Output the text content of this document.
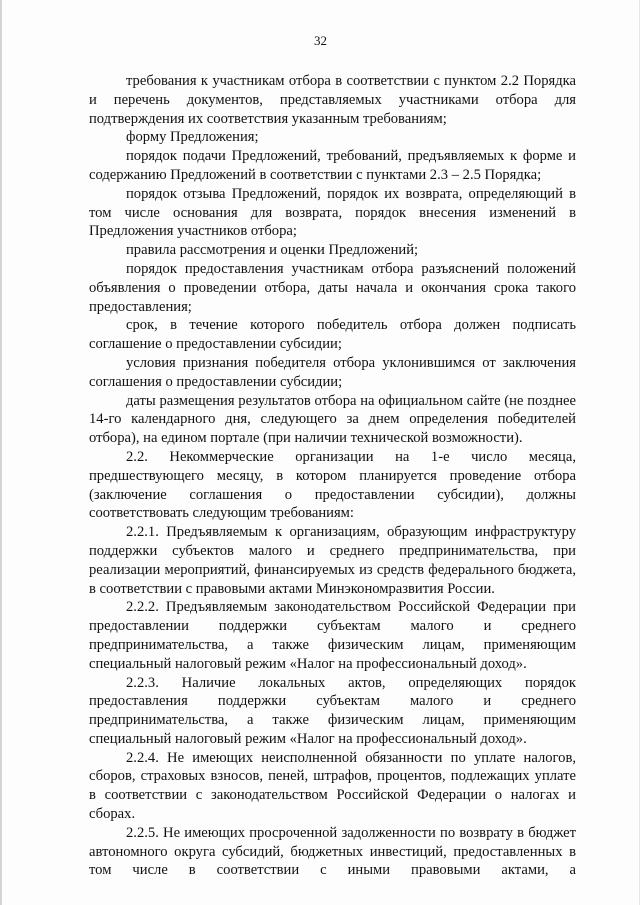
32

требования к участникам отбора в соответствии с пунктом 2.2 Порядка и перечень документов, представляемых участниками отбора для подтверждения их соответствия указанным требованиям;

форму Предложения;

порядок подачи Предложений, требований, предъявляемых к форме и содержанию Предложений в соответствии с пунктами 2.3 – 2.5 Порядка;

порядок отзыва Предложений, порядок их возврата, определяющий в том числе основания для возврата, порядок внесения изменений в Предложения участников отбора;

правила рассмотрения и оценки Предложений;

порядок предоставления участникам отбора разъяснений положений объявления о проведении отбора, даты начала и окончания срока такого предоставления;

срок, в течение которого победитель отбора должен подписать соглашение о предоставлении субсидии;

условия признания победителя отбора уклонившимся от заключения соглашения о предоставлении субсидии;

даты размещения результатов отбора на официальном сайте (не позднее 14-го календарного дня, следующего за днем определения победителей отбора), на едином портале (при наличии технической возможности).

2.2. Некоммерческие организации на 1-е число месяца, предшествующего месяцу, в котором планируется проведение отбора (заключение соглашения о предоставлении субсидии), должны соответствовать следующим требованиям:

2.2.1. Предъявляемым к организациям, образующим инфраструктуру поддержки субъектов малого и среднего предпринимательства, при реализации мероприятий, финансируемых из средств федерального бюджета, в соответствии с правовыми актами Минэкономразвития России.

2.2.2. Предъявляемым законодательством Российской Федерации при предоставлении поддержки субъектам малого и среднего предпринимательства, а также физическим лицам, применяющим специальный налоговый режим «Налог на профессиональный доход».

2.2.3. Наличие локальных актов, определяющих порядок предоставления поддержки субъектам малого и среднего предпринимательства, а также физическим лицам, применяющим специальный налоговый режим «Налог на профессиональный доход».

2.2.4. Не имеющих неисполненной обязанности по уплате налогов, сборов, страховых взносов, пеней, штрафов, процентов, подлежащих уплате в соответствии с законодательством Российской Федерации о налогах и сборах.

2.2.5. Не имеющих просроченной задолженности по возврату в бюджет автономного округа субсидий, бюджетных инвестиций, предоставленных в том числе в соответствии с иными правовыми актами, а
